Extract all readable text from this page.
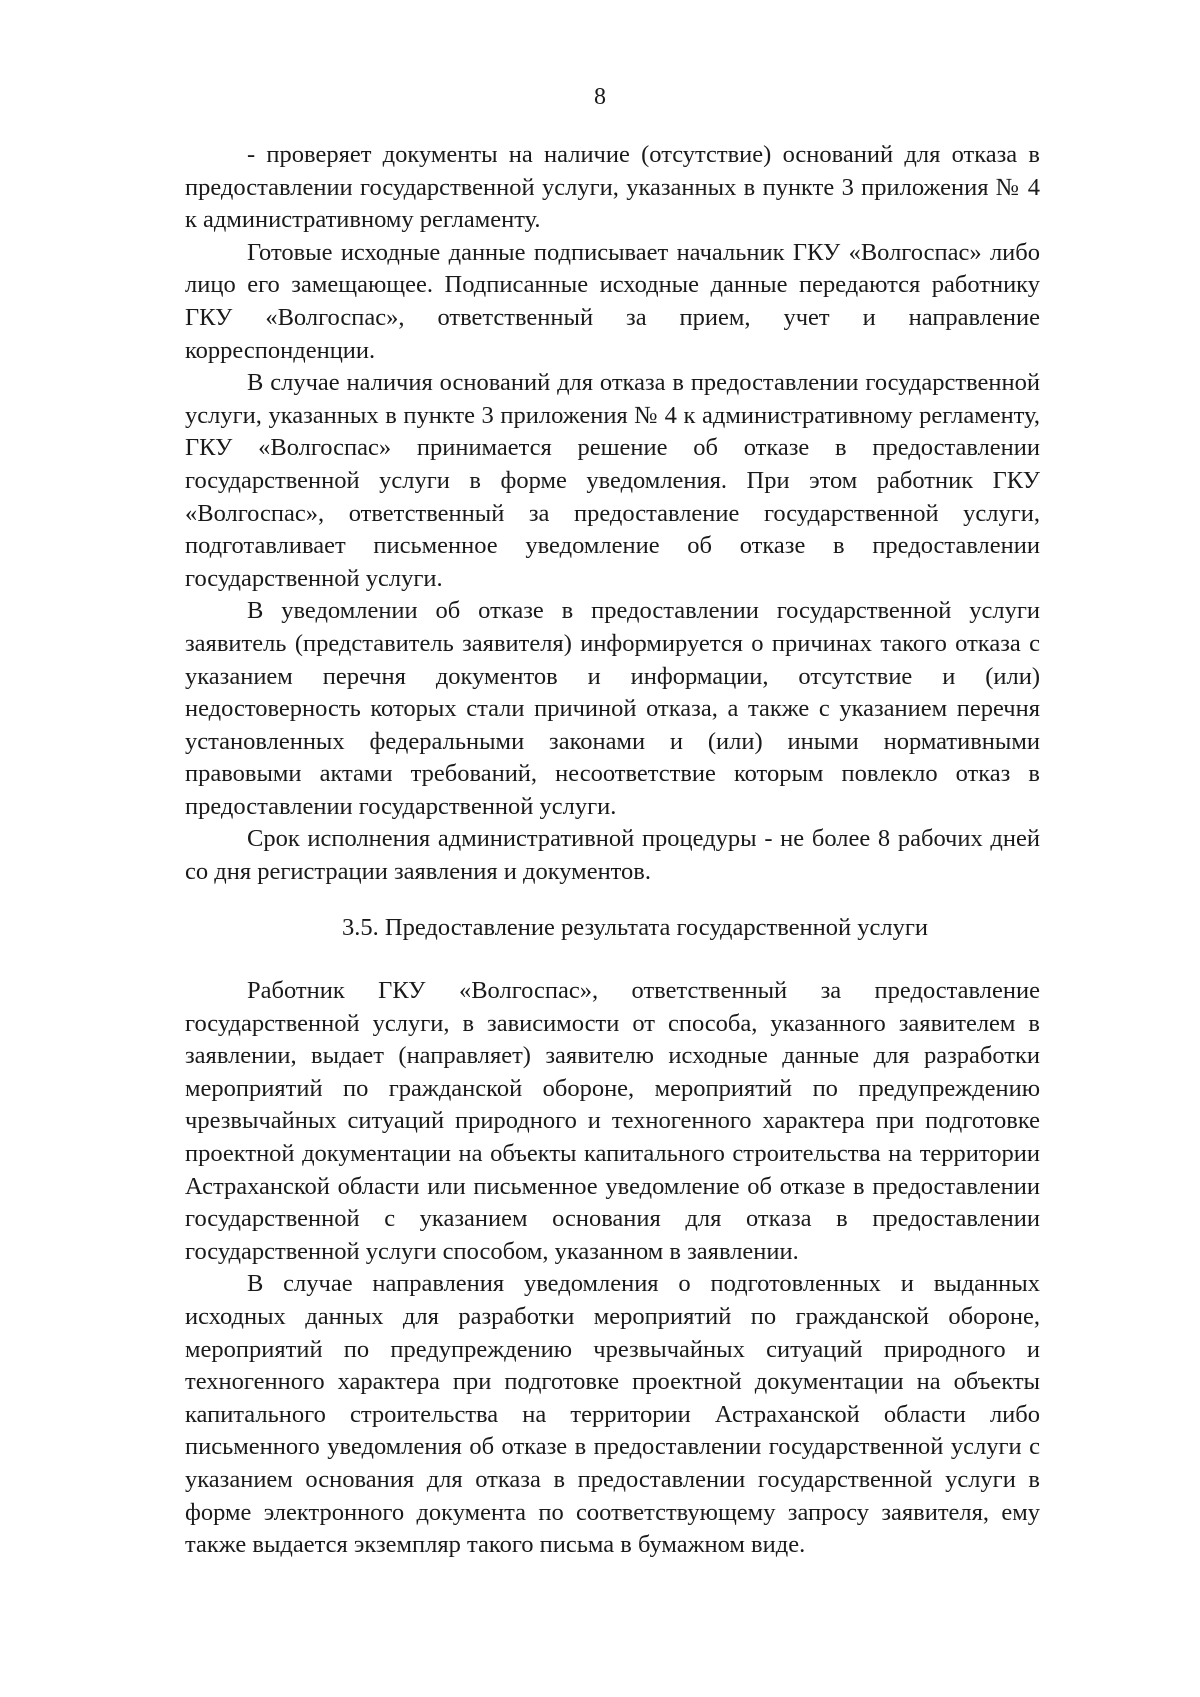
8

- проверяет документы на наличие (отсутствие) оснований для отказа в предоставлении государственной услуги, указанных в пункте 3 приложения № 4 к административному регламенту.

Готовые исходные данные подписывает начальник ГКУ «Волгоспас» либо лицо его замещающее. Подписанные исходные данные передаются работнику ГКУ «Волгоспас», ответственный за прием, учет и направление корреспонденции.

В случае наличия оснований для отказа в предоставлении государственной услуги, указанных в пункте 3 приложения № 4 к административному регламенту, ГКУ «Волгоспас» принимается решение об отказе в предоставлении государственной услуги в форме уведомления. При этом работник ГКУ «Волгоспас», ответственный за предоставление государственной услуги, подготавливает письменное уведомление об отказе в предоставлении государственной услуги.

В уведомлении об отказе в предоставлении государственной услуги заявитель (представитель заявителя) информируется о причинах такого отказа с указанием перечня документов и информации, отсутствие и (или) недостоверность которых стали причиной отказа, а также с указанием перечня установленных федеральными законами и (или) иными нормативными правовыми актами требований, несоответствие которым повлекло отказ в предоставлении государственной услуги.

Срок исполнения административной процедуры - не более 8 рабочих дней со дня регистрации заявления и документов.

3.5. Предоставление результата государственной услуги

Работник ГКУ «Волгоспас», ответственный за предоставление государственной услуги, в зависимости от способа, указанного заявителем в заявлении, выдает (направляет) заявителю исходные данные для разработки мероприятий по гражданской обороне, мероприятий по предупреждению чрезвычайных ситуаций природного и техногенного характера при подготовке проектной документации на объекты капитального строительства на территории Астраханской области или письменное уведомление об отказе в предоставлении государственной с указанием основания для отказа в предоставлении государственной услуги способом, указанном в заявлении.

В случае направления уведомления о подготовленных и выданных исходных данных для разработки мероприятий по гражданской обороне, мероприятий по предупреждению чрезвычайных ситуаций природного и техногенного характера при подготовке проектной документации на объекты капитального строительства на территории Астраханской области либо письменного уведомления об отказе в предоставлении государственной услуги с указанием основания для отказа в предоставлении государственной услуги в форме электронного документа по соответствующему запросу заявителя, ему также выдается экземпляр такого письма в бумажном виде.
